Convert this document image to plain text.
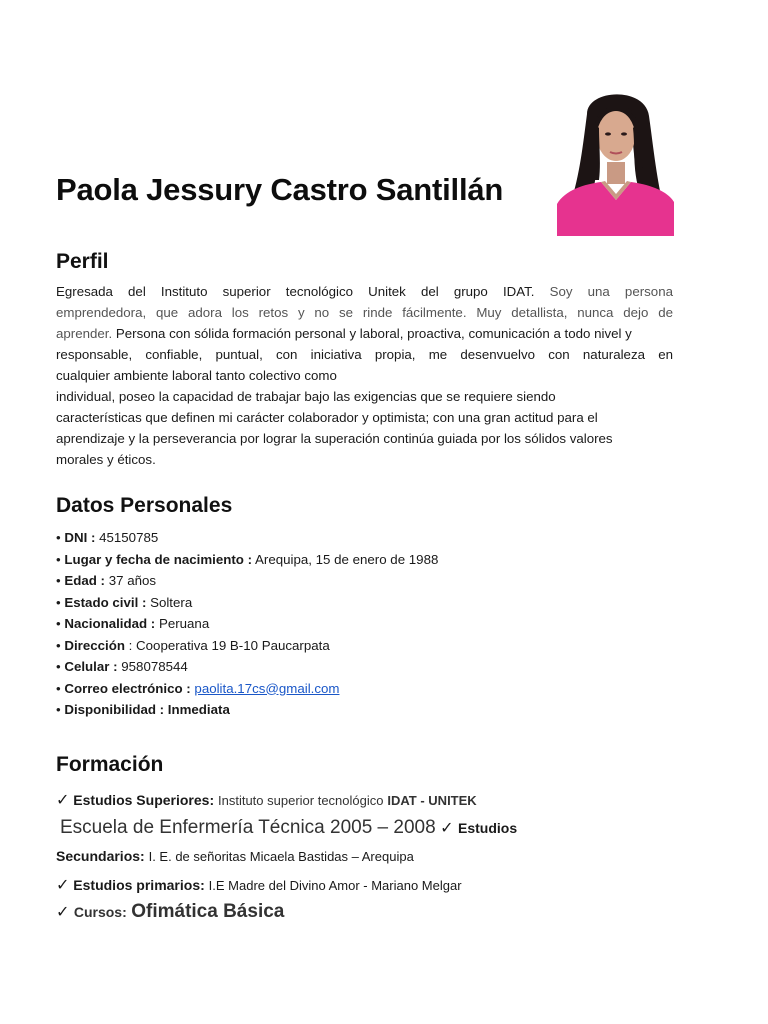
Paola Jessury Castro Santillán
Perfil
Egresada del Instituto superior tecnológico Unitek del grupo IDAT. Soy una persona
emprendedora, que adora los retos y no se rinde fácilmente. Muy detallista, nunca dejo de
aprender. Persona con sólida formación personal y laboral, proactiva, comunicación a todo nivel y
responsable, confiable, puntual, con iniciativa propia, me desenvuelvo con naturaleza en
cualquier ambiente laboral tanto colectivo como
individual, poseo la capacidad de trabajar bajo las exigencias que se requiere siendo
características que definen mi carácter colaborador y optimista; con una gran actitud para el
aprendizaje y la perseverancia por lograr la superación continúa guiada por los sólidos valores
morales y éticos.
Datos Personales
• DNI : 45150785
• Lugar y fecha de nacimiento : Arequipa, 15 de enero de 1988
• Edad : 37 años
• Estado civil : Soltera
• Nacionalidad : Peruana
• Dirección : Cooperativa 19 B-10 Paucarpata
• Celular : 958078544
• Correo electrónico : paolita.17cs@gmail.com
• Disponibilidad : Inmediata
Formación
✓ Estudios Superiores: Instituto superior tecnológico IDAT - UNITEK
Escuela de Enfermería Técnica 2005 – 2008 ✓ Estudios
Secundarios: I. E. de señoritas Micaela Bastidas – Arequipa
✓ Estudios primarios: I.E Madre del Divino Amor - Mariano Melgar
✓ Cursos: Ofimática Básica
